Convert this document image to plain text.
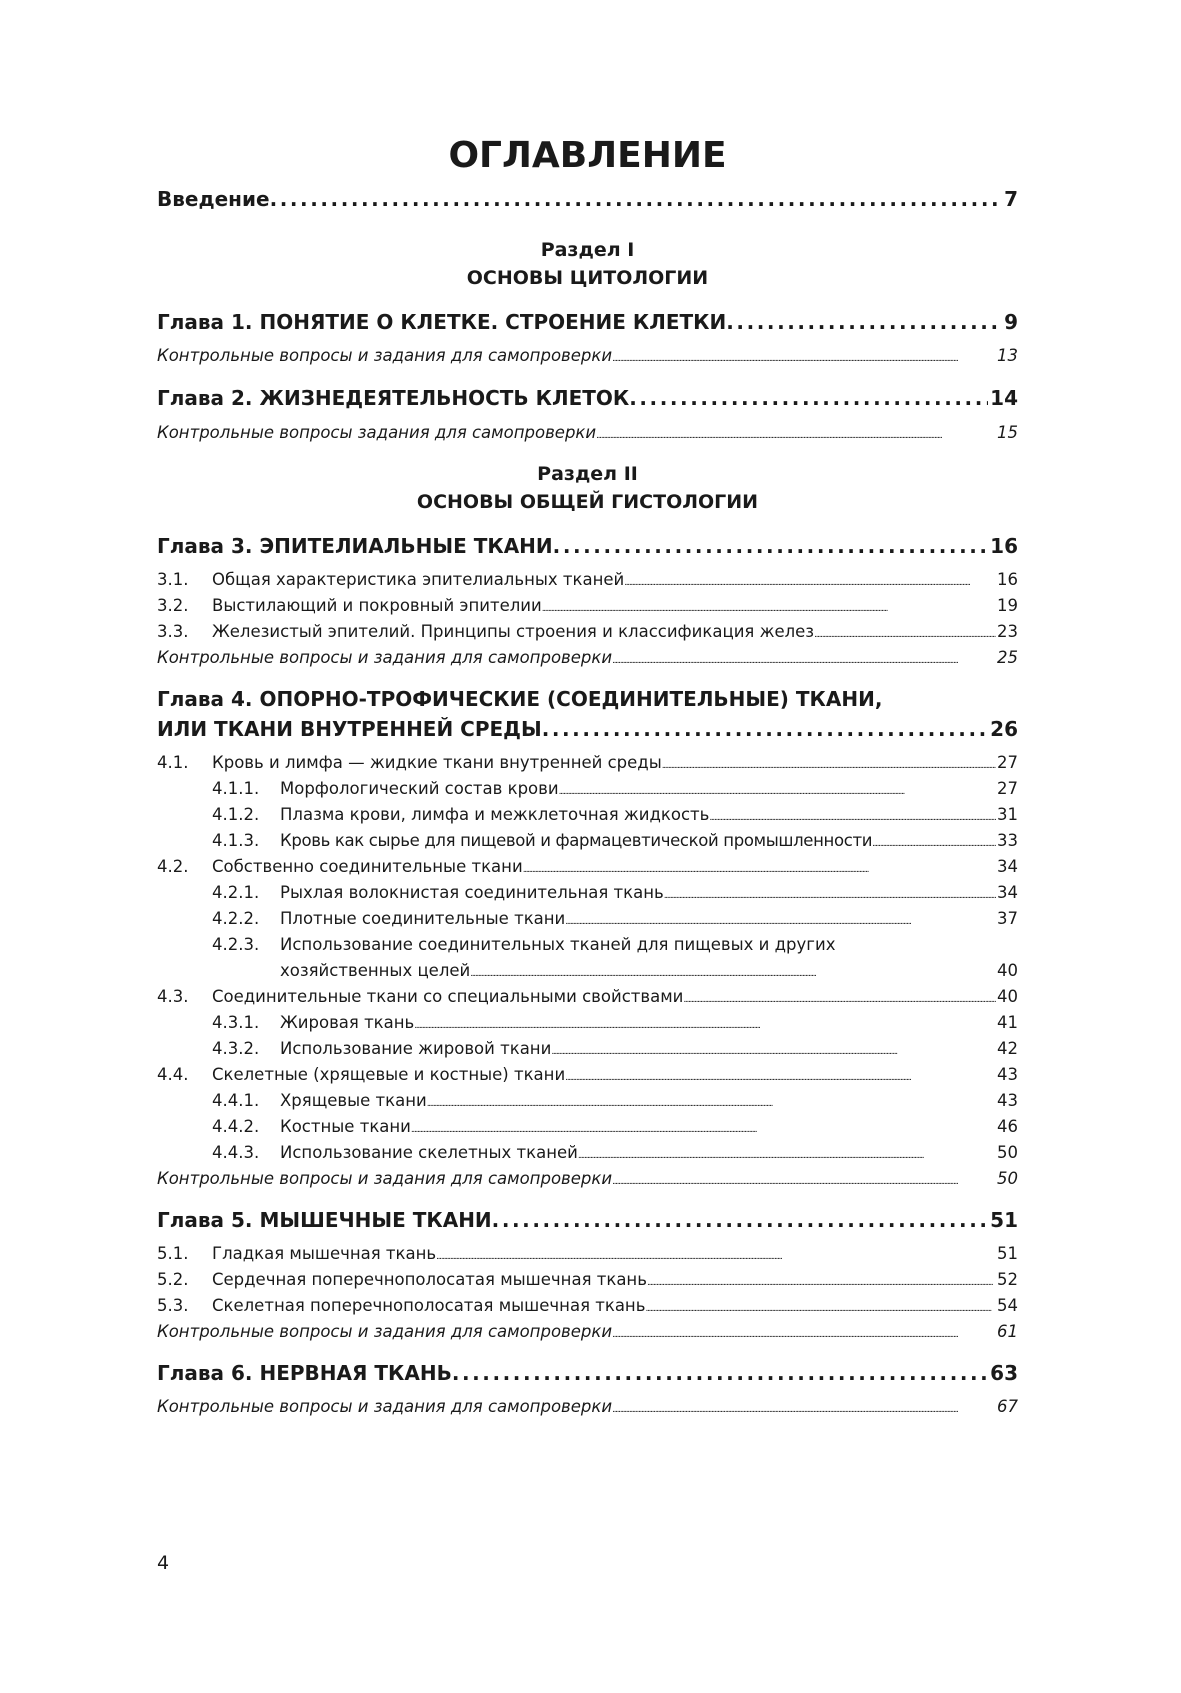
ОГЛАВЛЕНИЕ
Введение . . .	7
Раздел I
ОСНОВЫ ЦИТОЛОГИИ
Глава 1. ПОНЯТИЕ О КЛЕТКЕ. СТРОЕНИЕ КЛЕТКИ . . .	9
Контрольные вопросы и задания для самопроверки . . .	13
Глава 2. ЖИЗНЕДЕЯТЕЛЬНОСТЬ КЛЕТОК . . .	14
Контрольные вопросы задания для самопроверки . . .	15
Раздел II
ОСНОВЫ ОБЩЕЙ ГИСТОЛОГИИ
Глава 3. ЭПИТЕЛИАЛЬНЫЕ ТКАНИ . . .	16
3.1.	Общая характеристика эпителиальных тканей . . .	16
3.2.	Выстилающий и покровный эпителии . . .	19
3.3.	Железистый эпителий. Принципы строения и классификация желез . . .	23
Контрольные вопросы и задания для самопроверки . . .	25
Глава 4. ОПОРНО-ТРОФИЧЕСКИЕ (СОЕДИНИТЕЛЬНЫЕ) ТКАНИ,
ИЛИ ТКАНИ ВНУТРЕННЕЙ СРЕДЫ . . .	26
4.1.	Кровь и лимфа — жидкие ткани внутренней среды . . .	27
4.1.1.	Морфологический состав крови . . .	27
4.1.2.	Плазма крови, лимфа и межклеточная жидкость . . .	31
4.1.3.	Кровь как сырье для пищевой и фармацевтической промышленности . . .	33
4.2.	Собственно соединительные ткани . . .	34
4.2.1.	Рыхлая волокнистая соединительная ткань . . .	34
4.2.2.	Плотные соединительные ткани . . .	37
4.2.3.	Использование соединительных тканей для пищевых и других
хозяйственных целей . . .	40
4.3.	Соединительные ткани со специальными свойствами . . .	40
4.3.1.	Жировая ткань . . .	41
4.3.2.	Использование жировой ткани . . .	42
4.4.	Скелетные (хрящевые и костные) ткани . . .	43
4.4.1.	Хрящевые ткани . . .	43
4.4.2.	Костные ткани . . .	46
4.4.3.	Использование скелетных тканей . . .	50
Контрольные вопросы и задания для самопроверки . . .	50
Глава 5. МЫШЕЧНЫЕ ТКАНИ . . .	51
5.1.	Гладкая мышечная ткань . . .	51
5.2.	Сердечная поперечнополосатая мышечная ткань . . .	52
5.3.	Скелетная поперечнополосатая мышечная ткань . . .	54
Контрольные вопросы и задания для самопроверки . . .	61
Глава 6. НЕРВНАЯ ТКАНЬ . . .	63
Контрольные вопросы и задания для самопроверки . . .	67
4
